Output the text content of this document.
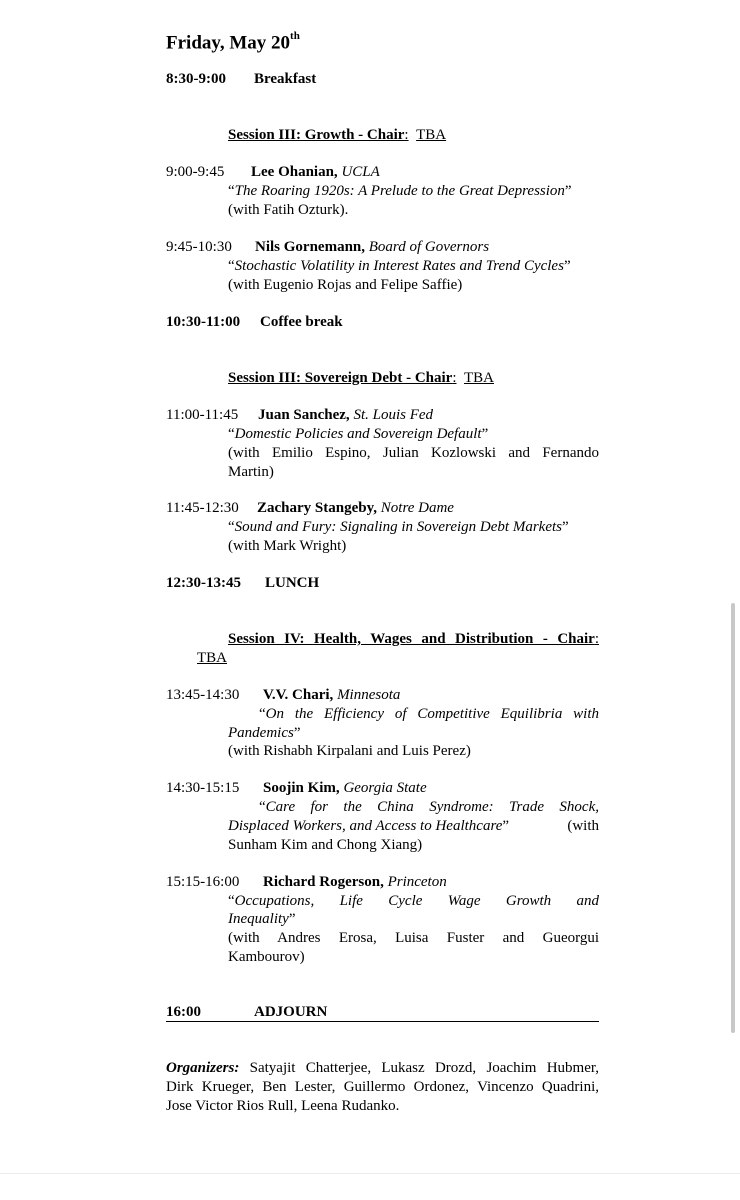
Friday, May 20th
8:30-9:00 Breakfast
Session III: Growth - Chair: TBA
9:00-9:45 Lee Ohanian, UCLA
“The Roaring 1920s: A Prelude to the Great Depression”
(with Fatih Ozturk).
9:45-10:30 Nils Gornemann, Board of Governors
“Stochastic Volatility in Interest Rates and Trend Cycles”
(with Eugenio Rojas and Felipe Saffie)
10:30-11:00 Coffee break
Session III: Sovereign Debt - Chair: TBA
11:00-11:45 Juan Sanchez, St. Louis Fed
“Domestic Policies and Sovereign Default”
(with Emilio Espino, Julian Kozlowski and Fernando
Martin)
11:45-12:30 Zachary Stangeby, Notre Dame
“Sound and Fury: Signaling in Sovereign Debt Markets”
(with Mark Wright)
12:30-13:45 LUNCH
Session IV: Health, Wages and Distribution - Chair:
TBA
13:45-14:30 V.V. Chari, Minnesota
“On the Efficiency of Competitive Equilibria with
Pandemics”
(with Rishabh Kirpalani and Luis Perez)
14:30-15:15 Soojin Kim, Georgia State
“Care for the China Syndrome: Trade Shock,
Displaced Workers, and Access to Healthcare”	(with
Sunham Kim and Chong Xiang)
15:15-16:00 Richard Rogerson, Princeton
“Occupations, Life Cycle Wage Growth and
Inequality”
(with Andres Erosa, Luisa Fuster and Gueorgui
Kambourov)
16:00	ADJOURN
Organizers: Satyajit Chatterjee, Lukasz Drozd, Joachim Hubmer,
Dirk Krueger, Ben Lester, Guillermo Ordonez, Vincenzo Quadrini,
Jose Victor Rios Rull, Leena Rudanko.
